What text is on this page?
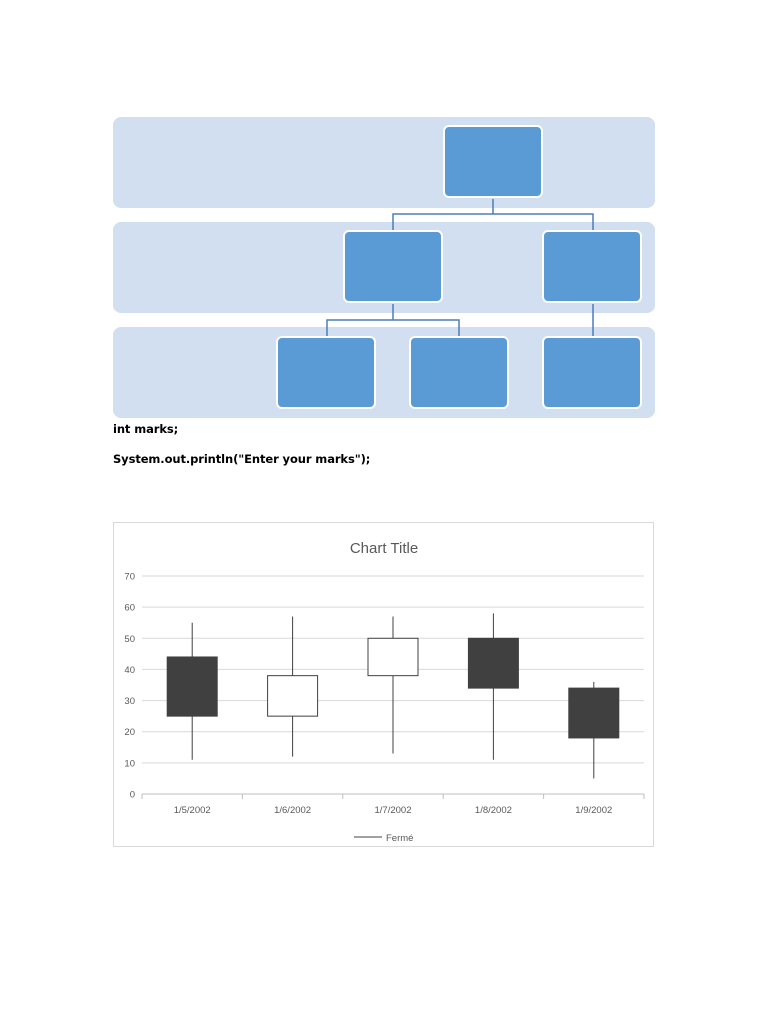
int marks;
System.out.println("Enter your marks");
Chart Title
0
10
20
30
40
50
60
70
1/5/2002	1/6/2002	1/7/2002	1/8/2002	1/9/2002
Fermé
